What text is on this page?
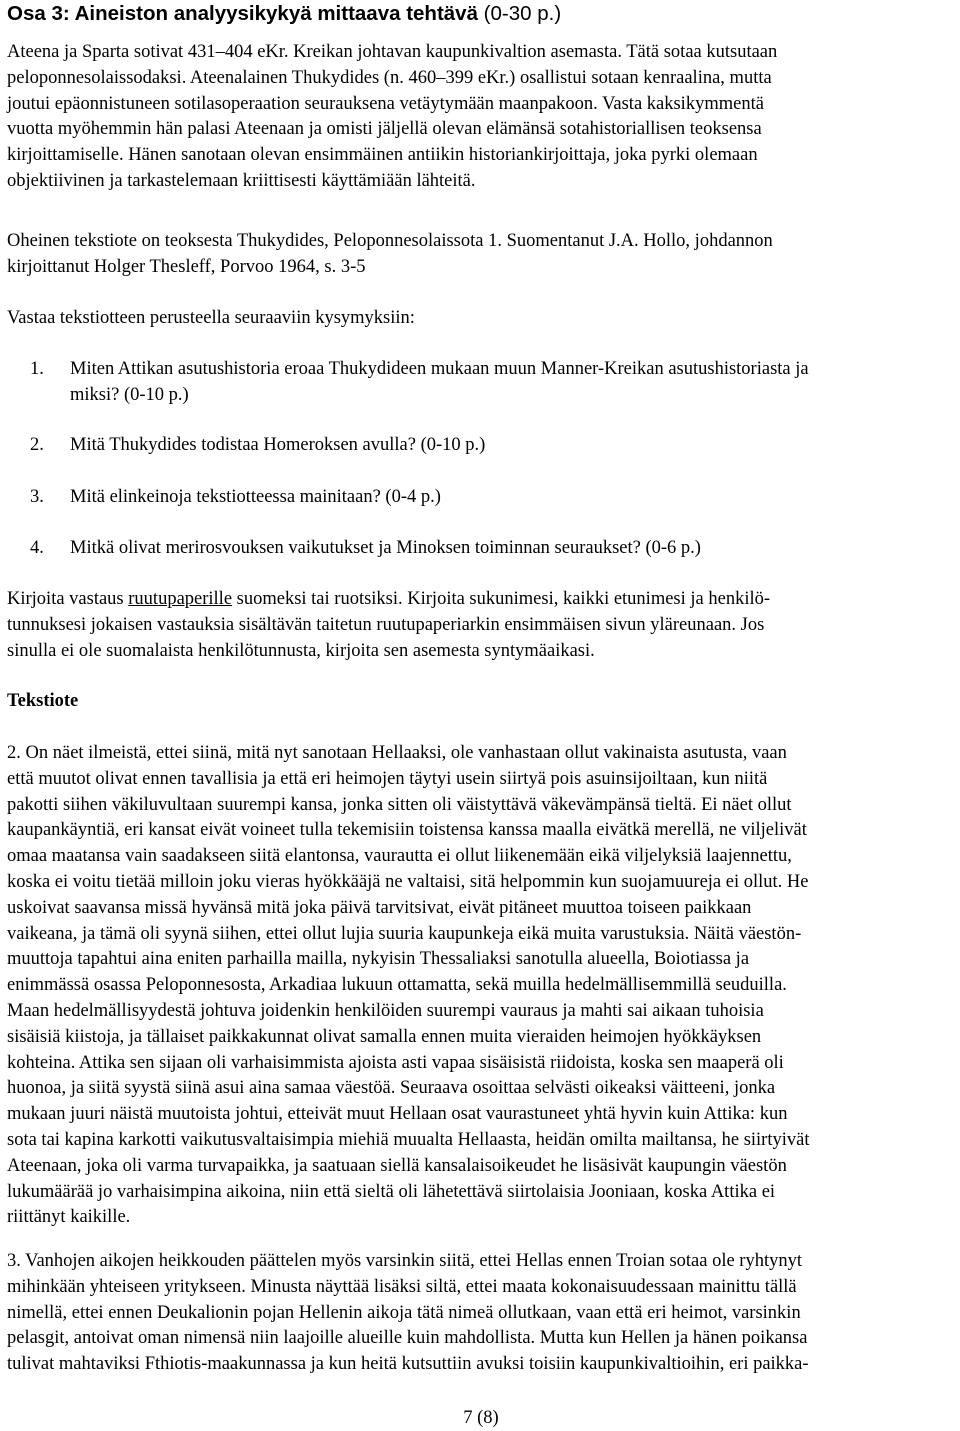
Osa 3: Aineiston analyysikykyä mittaava tehtävä (0-30 p.)
Ateena ja Sparta sotivat 431–404 eKr. Kreikan johtavan kaupunkivaltion asemasta. Tätä sotaa kutsutaan
peloponnesolaissodaksi. Ateenalainen Thukydides (n. 460–399 eKr.) osallistui sotaan kenraalina, mutta
joutui epäonnistuneen sotilasoperaation seurauksena vetäytymään maanpakoon. Vasta kaksikymmentä
vuotta myöhemmin hän palasi Ateenaan ja omisti jäljellä olevan elämänsä sotahistoriallisen teoksensa
kirjoittamiselle. Hänen sanotaan olevan ensimmäinen antiikin historiankirjoittaja, joka pyrki olemaan
objektiivinen ja tarkastelemaan kriittisesti käyttämiään lähteitä.
Oheinen tekstiote on teoksesta Thukydides, Peloponnesolaissota 1. Suomentanut J.A. Hollo, johdannon
kirjoittanut Holger Thesleff, Porvoo 1964, s. 3-5
Vastaa tekstiotteen perusteella seuraaviin kysymyksiin:
1. Miten Attikan asutushistoria eroaa Thukydideen mukaan muun Manner-Kreikan asutushistoriasta ja
miksi? (0-10 p.)
2. Mitä Thukydides todistaa Homeroksen avulla? (0-10 p.)
3. Mitä elinkeinoja tekstiotteessa mainitaan? (0-4 p.)
4. Mitkä olivat merirosvouksen vaikutukset ja Minoksen toiminnan seuraukset? (0-6 p.)
Kirjoita vastaus ruutupaperille suomeksi tai ruotsiksi. Kirjoita sukunimesi, kaikki etunimesi ja henkilö-
tunnuksesi jokaisen vastauksia sisältävän taitetun ruutupaperiarkin ensimmäisen sivun yläreunaan. Jos
sinulla ei ole suomalaista henkilötunnusta, kirjoita sen asemesta syntymäaikasi.
Tekstiote
2. On näet ilmeistä, ettei siinä, mitä nyt sanotaan Hellaaksi, ole vanhastaan ollut vakinaista asutusta, vaan
että muutot olivat ennen tavallisia ja että eri heimojen täytyi usein siirtyä pois asuinsijoiltaan, kun niitä
pakotti siihen väkiluvultaan suurempi kansa, jonka sitten oli väistyttävä väkevämpänsä tieltä. Ei näet ollut
kaupankäyntiä, eri kansat eivät voineet tulla tekemisiin toistensa kanssa maalla eivätkä merellä, ne viljelivät
omaa maatansa vain saadakseen siitä elantonsa, vaurautta ei ollut liikenemään eikä viljelyksiä laajennettu,
koska ei voitu tietää milloin joku vieras hyökkääjä ne valtaisi, sitä helpommin kun suojamuureja ei ollut. He
uskoivat saavansa missä hyvänsä mitä joka päivä tarvitsivat, eivät pitäneet muuttoa toiseen paikkaan
vaikeana, ja tämä oli syynä siihen, ettei ollut lujia suuria kaupunkeja eikä muita varustuksia. Näitä väestön-
muuttoja tapahtui aina eniten parhailla mailla, nykyisin Thessaliaksi sanotulla alueella, Boiotiassa ja
enimmässä osassa Peloponnesosta, Arkadiaa lukuun ottamatta, sekä muilla hedelmällisemmillä seuduilla.
Maan hedelmällisyydestä johtuva joidenkin henkilöiden suurempi vauraus ja mahti sai aikaan tuhoisia
sisäisiä kiistoja, ja tällaiset paikkakunnat olivat samalla ennen muita vieraiden heimojen hyökkäyksen
kohteina. Attika sen sijaan oli varhaisimmista ajoista asti vapaa sisäisistä riidoista, koska sen maaperä oli
huonoa, ja siitä syystä siinä asui aina samaa väestöä. Seuraava osoittaa selvästi oikeaksi väitteeni, jonka
mukaan juuri näistä muutoista johtui, etteivät muut Hellaan osat vaurastuneet yhtä hyvin kuin Attika: kun
sota tai kapina karkotti vaikutusvaltaisimpia miehiä muualta Hellaasta, heidän omilta mailtansa, he siirtyivät
Ateenaan, joka oli varma turvapaikka, ja saatuaan siellä kansalaisoikeudet he lisäsivät kaupungin väestön
lukumäärää jo varhaisimpina aikoina, niin että sieltä oli lähetettävä siirtolaisia Jooniaan, koska Attika ei
riittänyt kaikille.
3. Vanhojen aikojen heikkouden päättelen myös varsinkin siitä, ettei Hellas ennen Troian sotaa ole ryhtynyt
mihinkään yhteiseen yritykseen. Minusta näyttää lisäksi siltä, ettei maata kokonaisuudessaan mainittu tällä
nimellä, ettei ennen Deukalionin pojan Hellenin aikoja tätä nimeä ollutkaan, vaan että eri heimot, varsinkin
pelasgit, antoivat oman nimensä niin laajoille alueille kuin mahdollista. Mutta kun Hellen ja hänen poikansa
tulivat mahtaviksi Fthiotis-maakunnassa ja kun heitä kutsuttiin avuksi toisiin kaupunkivaltioihin, eri paikka-
7 (8)
